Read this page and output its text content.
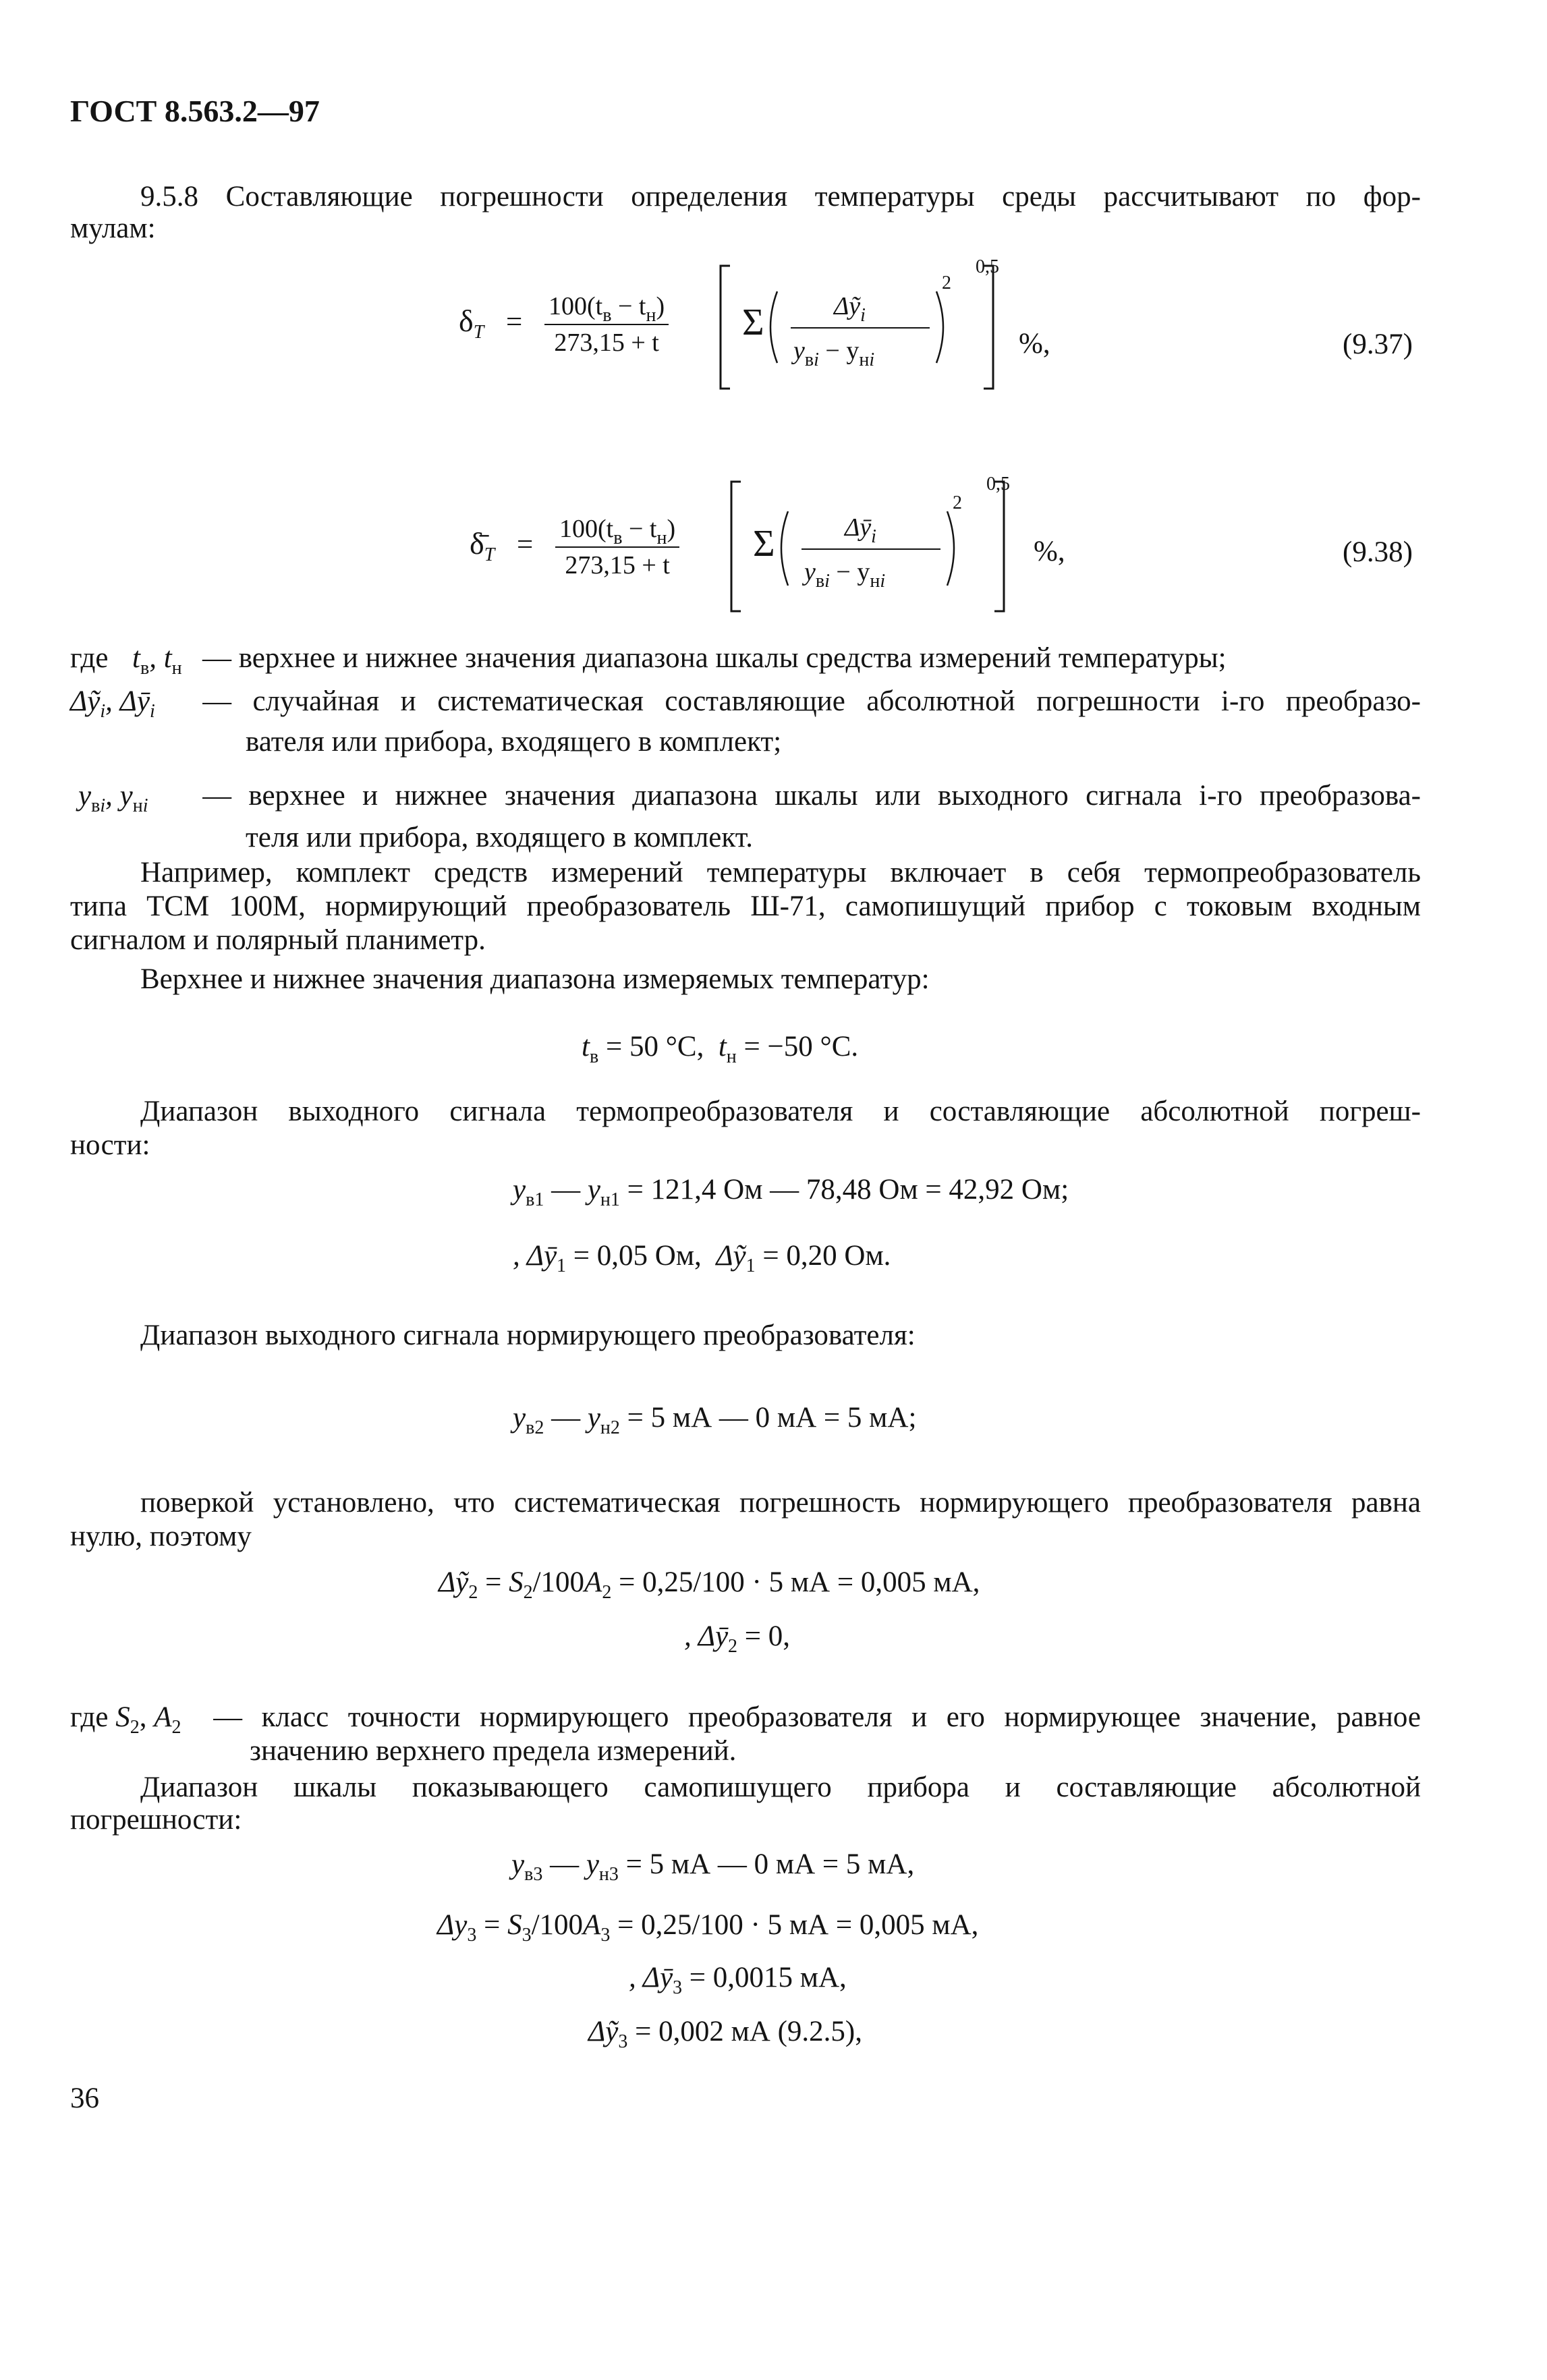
ГОСТ 8.563.2—97
9.5.8 Составляющие погрешности определения температуры среды рассчитывают по фор-
мулам:
$\delta_T = \frac{100(t_в - t_н)}{273,15 + t}$ Σ	Δỹ$_i$
$y_{вi} - y_{нi}$
2
0,5
%,	(9.37)
$\deltā_T = \frac{100(t_в - t_н)}{273,15 + t}$ Σ	$\Delta ȳ_i$
$y_{вi} - y_{нi}$
2
0,5
%,	(9.38)
где $t_в$, $t_н$ — верхнее и нижнее значения диапазона шкалы средства измерений температуры;
Δỹ$_i$, $\Delta ȳ_i$ — случайная и систематическая составляющие абсолютной погрешности i-го преобразо-
вателя или прибора, входящего в комплект;
$y_{вi}$, $y_{нi}$ — верхнее и нижнее значения диапазона шкалы или выходного сигнала i-го преобразова-
теля или прибора, входящего в комплект.
Например, комплект средств измерений температуры включает в себя термопреобразователь
типа ТСМ 100М, нормирующий преобразователь Ш-71, самопишущий прибор с токовым входным
сигналом и полярный планиметр.
Верхнее и нижнее значения диапазона измеряемых температур:
$t_в = 50$ °C, $t_н = -50$ °C.
Диапазон выходного сигнала термопреобразователя и составляющие абсолютной погреш-
ности:
$y_{в1}$ — $y_{н1} = 121,4$ Ом — 78,48 Ом = 42,92 Ом;
, $\Delta ȳ_1 = 0,05$ Ом, Δỹ$_1$ = 0,20 Ом.
Диапазон выходного сигнала нормирующего преобразователя:
$y_{в2}$ — $y_{н2} = 5$ мА — 0 мА = 5 мА;
поверкой установлено, что систематическая погрешность нормирующего преобразователя равна
нулю, поэтому
Δỹ$_2$ = $S_2/100A_2 = 0,25/100 \cdot 5$ мА = 0,005 мА,
, $\Delta ȳ_2 = 0$,
где $S_2$, $A_2$ — класс точности нормирующего преобразователя и его нормирующее значение, равное
значению верхнего предела измерений.
Диапазон шкалы показывающего самопишущего прибора и составляющие абсолютной
погрешности:
$y_{в3}$ — $y_{н3} = 5$ мА — 0 мА = 5 мА,
$\Delta y_3 = S_3/100A_3 = 0,25/100 \cdot 5$ мА = 0,005 мА,
, $\Delta ȳ_3 = 0,0015$ мА,
Δỹ$_3$ = 0,002 мА (9.2.5),
36
